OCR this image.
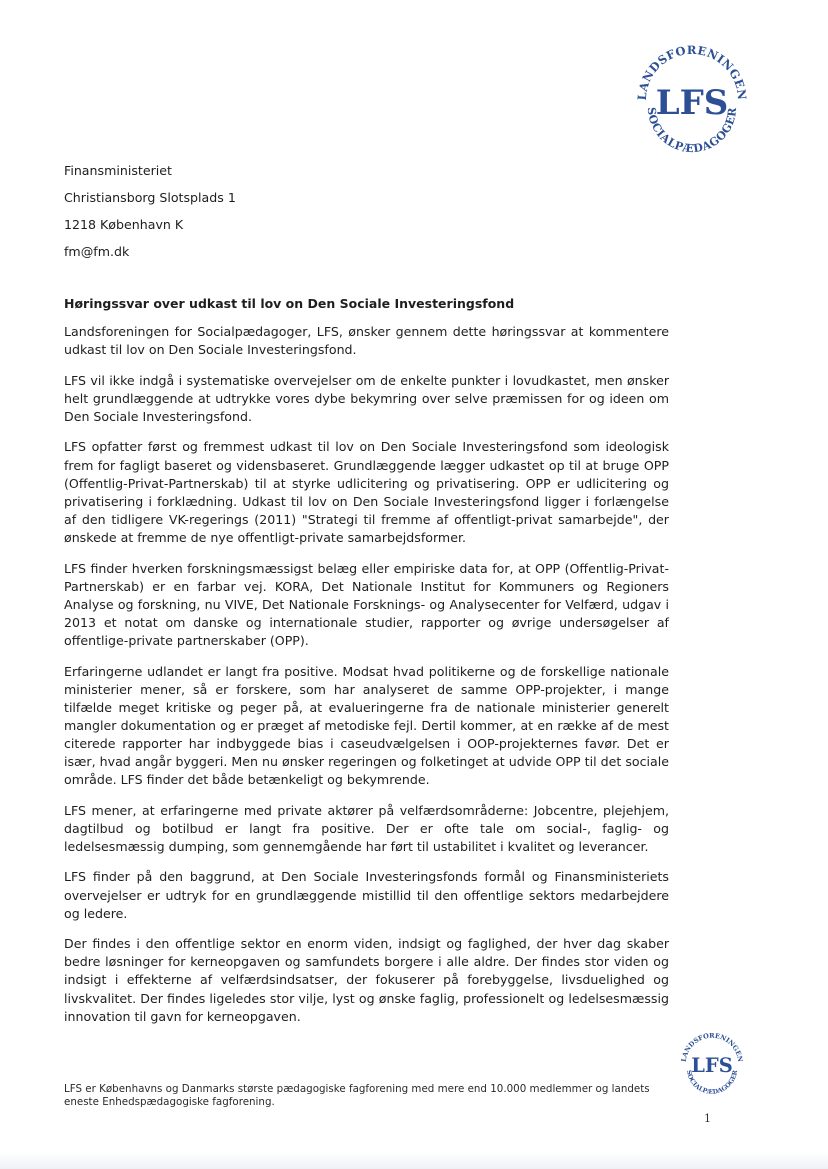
LANDSFORENINGEN
SOCIALPÆDAGOGER
LFS
Finansministeriet
Christiansborg Slotsplads 1
1218 København K
fm@fm.dk
Høringssvar over udkast til lov on Den Sociale Investeringsfond

Landsforeningen for Socialpædagoger, LFS, ønsker gennem dette høringssvar at kommentere udkast til lov on Den Sociale Investeringsfond.

LFS vil ikke indgå i systematiske overvejelser om de enkelte punkter i lovudkastet, men ønsker helt grundlæggende at udtrykke vores dybe bekymring over selve præmissen for og ideen om Den Sociale Investeringsfond.

LFS opfatter først og fremmest udkast til lov on Den Sociale Investeringsfond som ideologisk frem for fagligt baseret og vidensbaseret. Grundlæggende lægger udkastet op til at bruge OPP (Offentlig-Privat-Partnerskab) til at styrke udlicitering og privatisering. OPP er udlicitering og privatisering i forklædning. Udkast til lov on Den Sociale Investeringsfond ligger i forlængelse af den tidligere VK-regerings (2011) "Strategi til fremme af offentligt-privat samarbejde", der ønskede at fremme de nye offentligt-private samarbejdsformer.

LFS finder hverken forskningsmæssigst belæg eller empiriske data for, at OPP (Offentlig-Privat-Partnerskab) er en farbar vej. KORA, Det Nationale Institut for Kommuners og Regioners Analyse og forskning, nu VIVE, Det Nationale Forsknings- og Analysecenter for Velfærd, udgav i 2013 et notat om danske og internationale studier, rapporter og øvrige undersøgelser af offentlige-private partnerskaber (OPP).

Erfaringerne udlandet er langt fra positive. Modsat hvad politikerne og de forskellige nationale ministerier mener, så er forskere, som har analyseret de samme OPP-projekter, i mange tilfælde meget kritiske og peger på, at evalueringerne fra de nationale ministerier generelt mangler dokumentation og er præget af metodiske fejl. Dertil kommer, at en række af de mest citerede rapporter har indbyggede bias i caseudvælgelsen i OOP-projekternes favør. Det er især, hvad angår byggeri. Men nu ønsker regeringen og folketinget at udvide OPP til det sociale område. LFS finder det både betænkeligt og bekymrende.

LFS mener, at erfaringerne med private aktører på velfærdsområderne: Jobcentre, plejehjem, dagtilbud og botilbud er langt fra positive. Der er ofte tale om social-, faglig- og ledelsesmæssig dumping, som gennemgående har ført til ustabilitet i kvalitet og leverancer.

LFS finder på den baggrund, at Den Sociale Investeringsfonds formål og Finansministeriets overvejelser er udtryk for en grundlæggende mistillid til den offentlige sektors medarbejdere og ledere.

Der findes i den offentlige sektor en enorm viden, indsigt og faglighed, der hver dag skaber bedre løsninger for kerneopgaven og samfundets borgere i alle aldre. Der findes stor viden og indsigt i effekterne af velfærdsindsatser, der fokuserer på forebyggelse, livsduelighed og livskvalitet. Der findes ligeledes stor vilje, lyst og ønske faglig, professionelt og ledelsesmæssig innovation til gavn for kerneopgaven.

LANDSFORENINGEN
SOCIALPÆDAGOGER
LFS
LFS er Københavns og Danmarks største pædagogiske fagforening med mere end 10.000 medlemmer og landets eneste Enhedspædagogiske fagforening.
1
